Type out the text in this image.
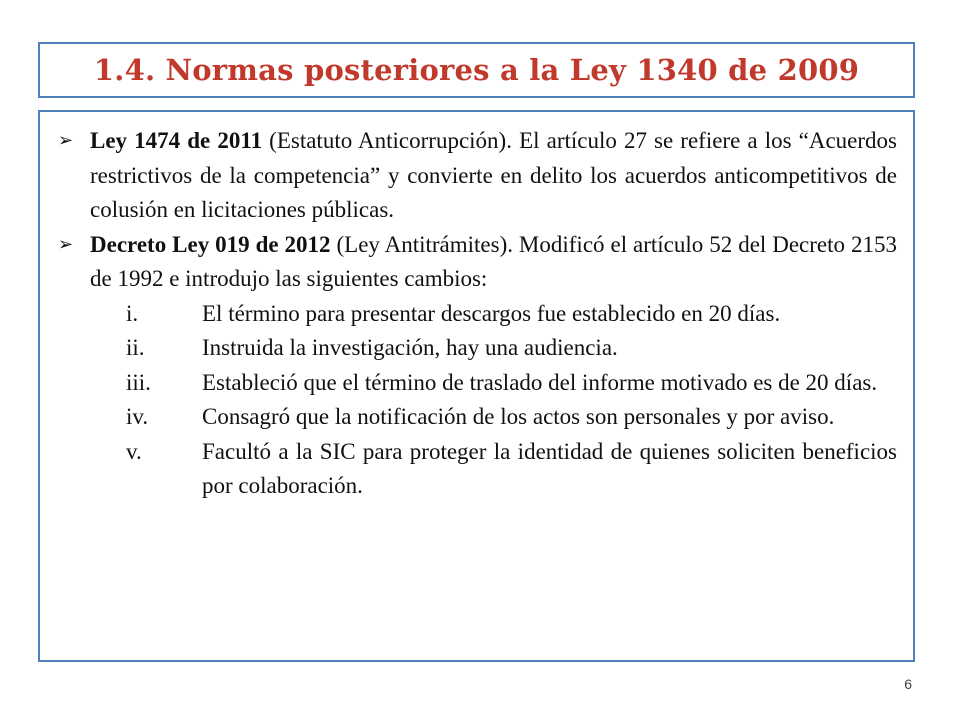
1.4. Normas posteriores a la Ley 1340 de 2009
➢ Ley 1474 de 2011 (Estatuto Anticorrupción). El artículo 27 se refiere a los “Acuerdos restrictivos de la competencia” y convierte en delito los acuerdos anticompetitivos de colusión en licitaciones públicas.
➢ Decreto Ley 019 de 2012 (Ley Antitrámites). Modificó el artículo 52 del Decreto 2153 de 1992 e introdujo las siguientes cambios:
i.	El término para presentar descargos fue establecido en 20 días.
ii.	Instruida la investigación, hay una audiencia.
iii.	Estableció que el término de traslado del informe motivado es de 20 días.
iv.	Consagró que la notificación de los actos son personales y por aviso.
v.	Facultó a la SIC para proteger la identidad de quienes soliciten beneficios por colaboración.
6
